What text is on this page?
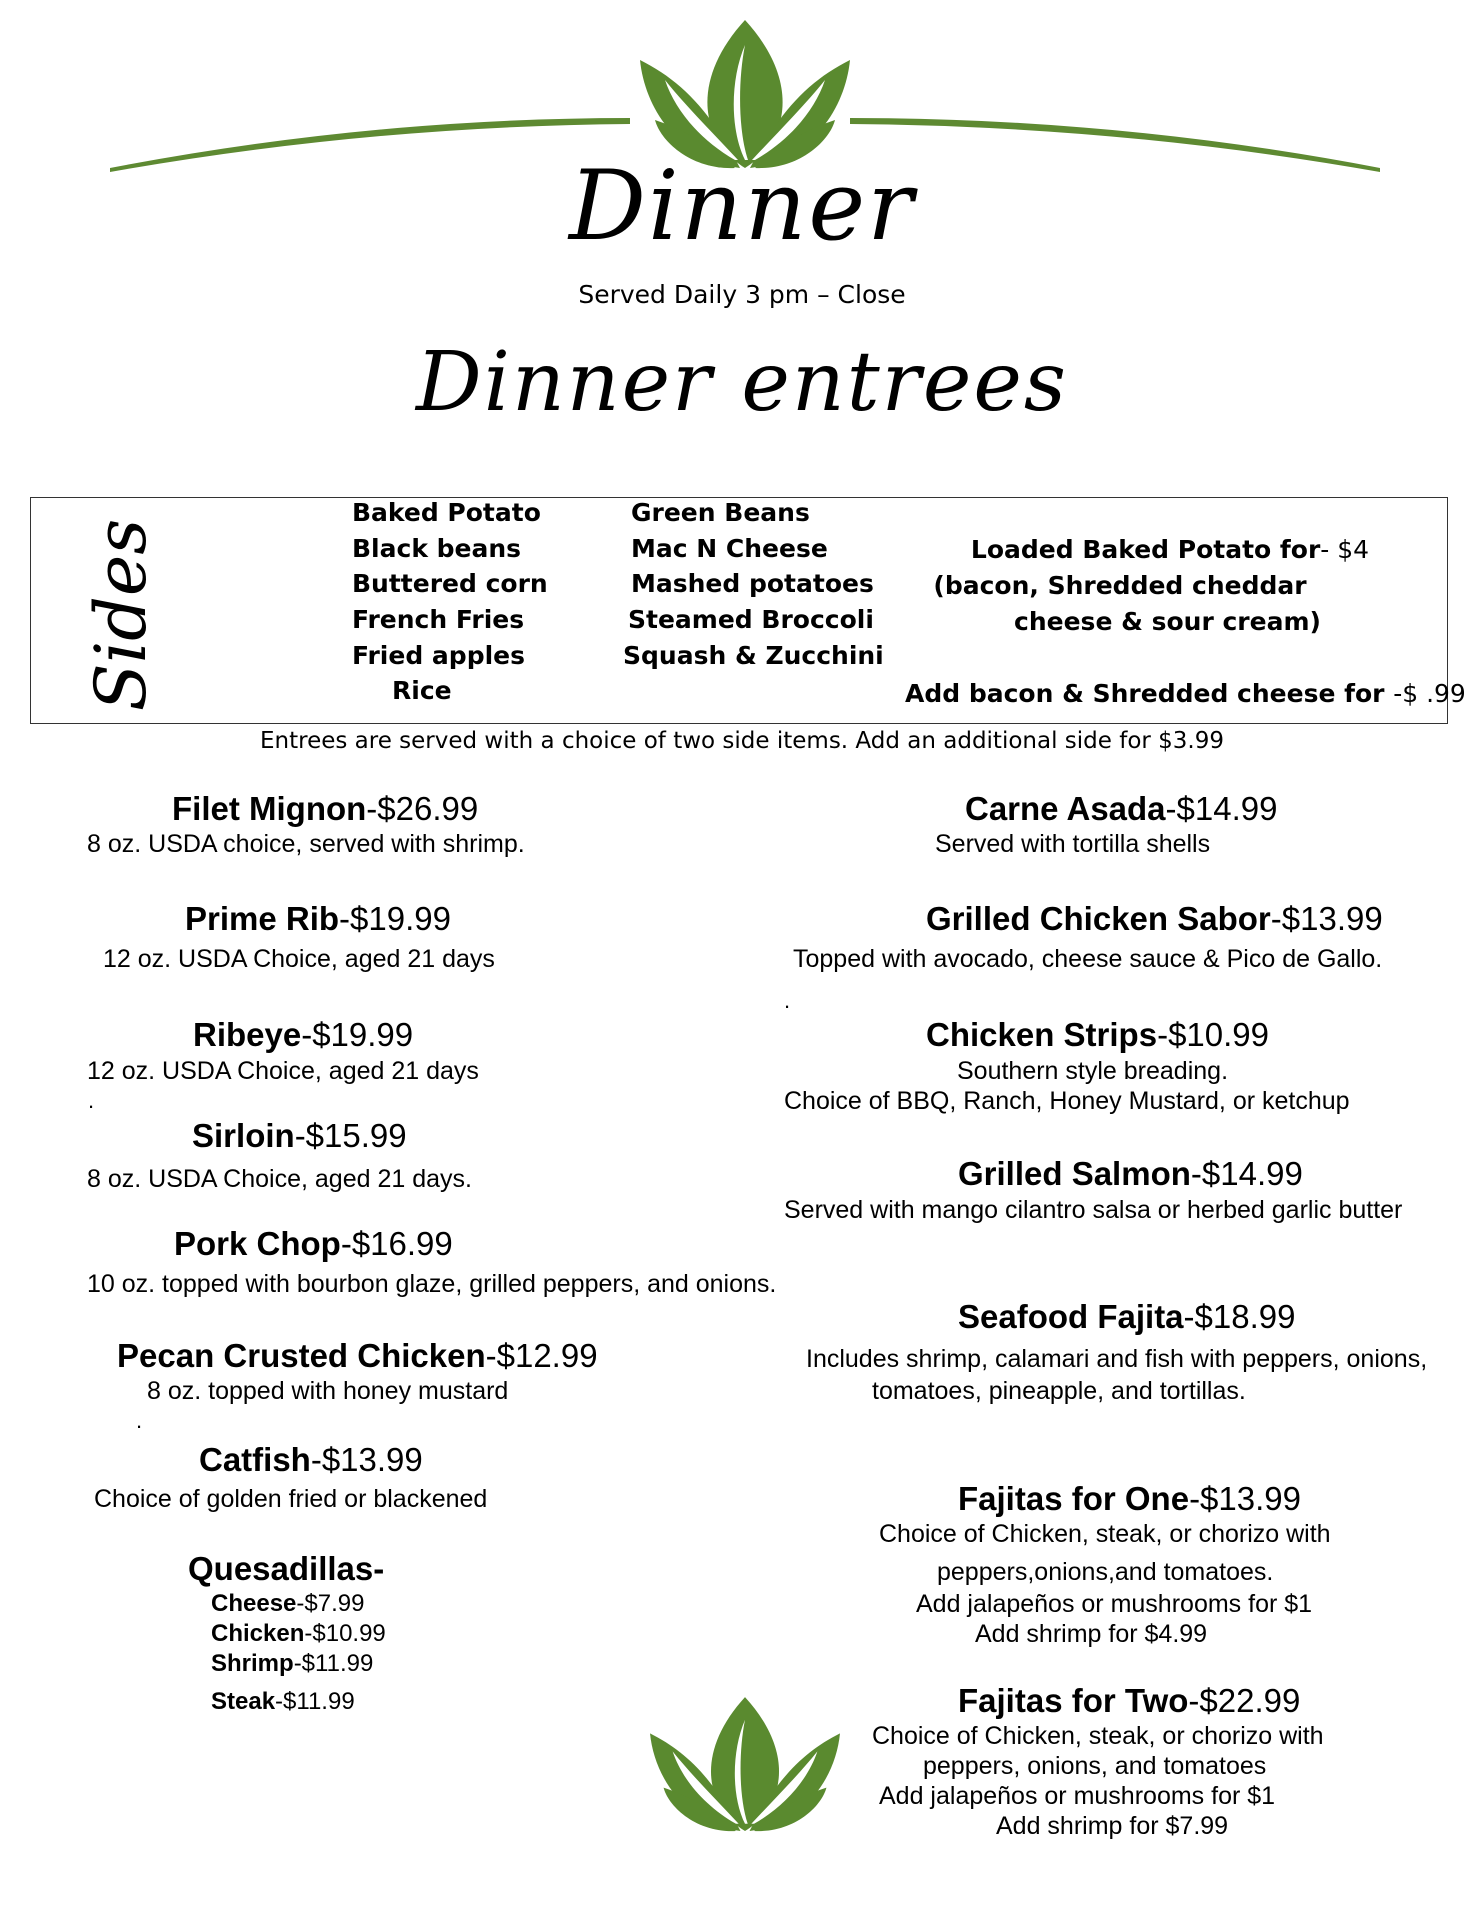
Dinner
Served Daily 3 pm – Close
Dinner entrees
Sides
Baked Potato
Black beans
Buttered corn
French Fries
Fried apples
Rice
Green Beans
Mac N Cheese
Mashed potatoes
Steamed Broccoli
Squash & Zucchini
Loaded Baked Potato for- $4
(bacon, Shredded cheddar
cheese & sour cream)
Add bacon & Shredded cheese for -$ .99
Entrees are served with a choice of two side items. Add an additional side for $3.99
Filet Mignon-$26.99
8 oz. USDA choice, served with shrimp.
Prime Rib-$19.99
12 oz. USDA Choice, aged 21 days
Ribeye-$19.99
12 oz. USDA Choice, aged 21 days
.
Sirloin-$15.99
8 oz. USDA Choice, aged 21 days.
Pork Chop-$16.99
10 oz. topped with bourbon glaze, grilled peppers, and onions.
Pecan Crusted Chicken-$12.99
8 oz. topped with honey mustard
.
Catfish-$13.99
Choice of golden fried or blackened
Quesadillas-
Cheese-$7.99
Chicken-$10.99
Shrimp-$11.99
Steak-$11.99
Carne Asada-$14.99
Served with tortilla shells
Grilled Chicken Sabor-$13.99
Topped with avocado, cheese sauce & Pico de Gallo.
.
Chicken Strips-$10.99
Southern style breading.
Choice of BBQ, Ranch, Honey Mustard, or ketchup
Grilled Salmon-$14.99
Served with mango cilantro salsa or herbed garlic butter
Seafood Fajita-$18.99
Includes shrimp, calamari and fish with peppers, onions,
tomatoes, pineapple, and tortillas.
Fajitas for One-$13.99
Choice of Chicken, steak, or chorizo with
peppers,onions,and tomatoes.
Add jalapeños or mushrooms for $1
Add shrimp for $4.99
Fajitas for Two-$22.99
Choice of Chicken, steak, or chorizo with
peppers, onions, and tomatoes
Add jalapeños or mushrooms for $1
Add shrimp for $7.99
